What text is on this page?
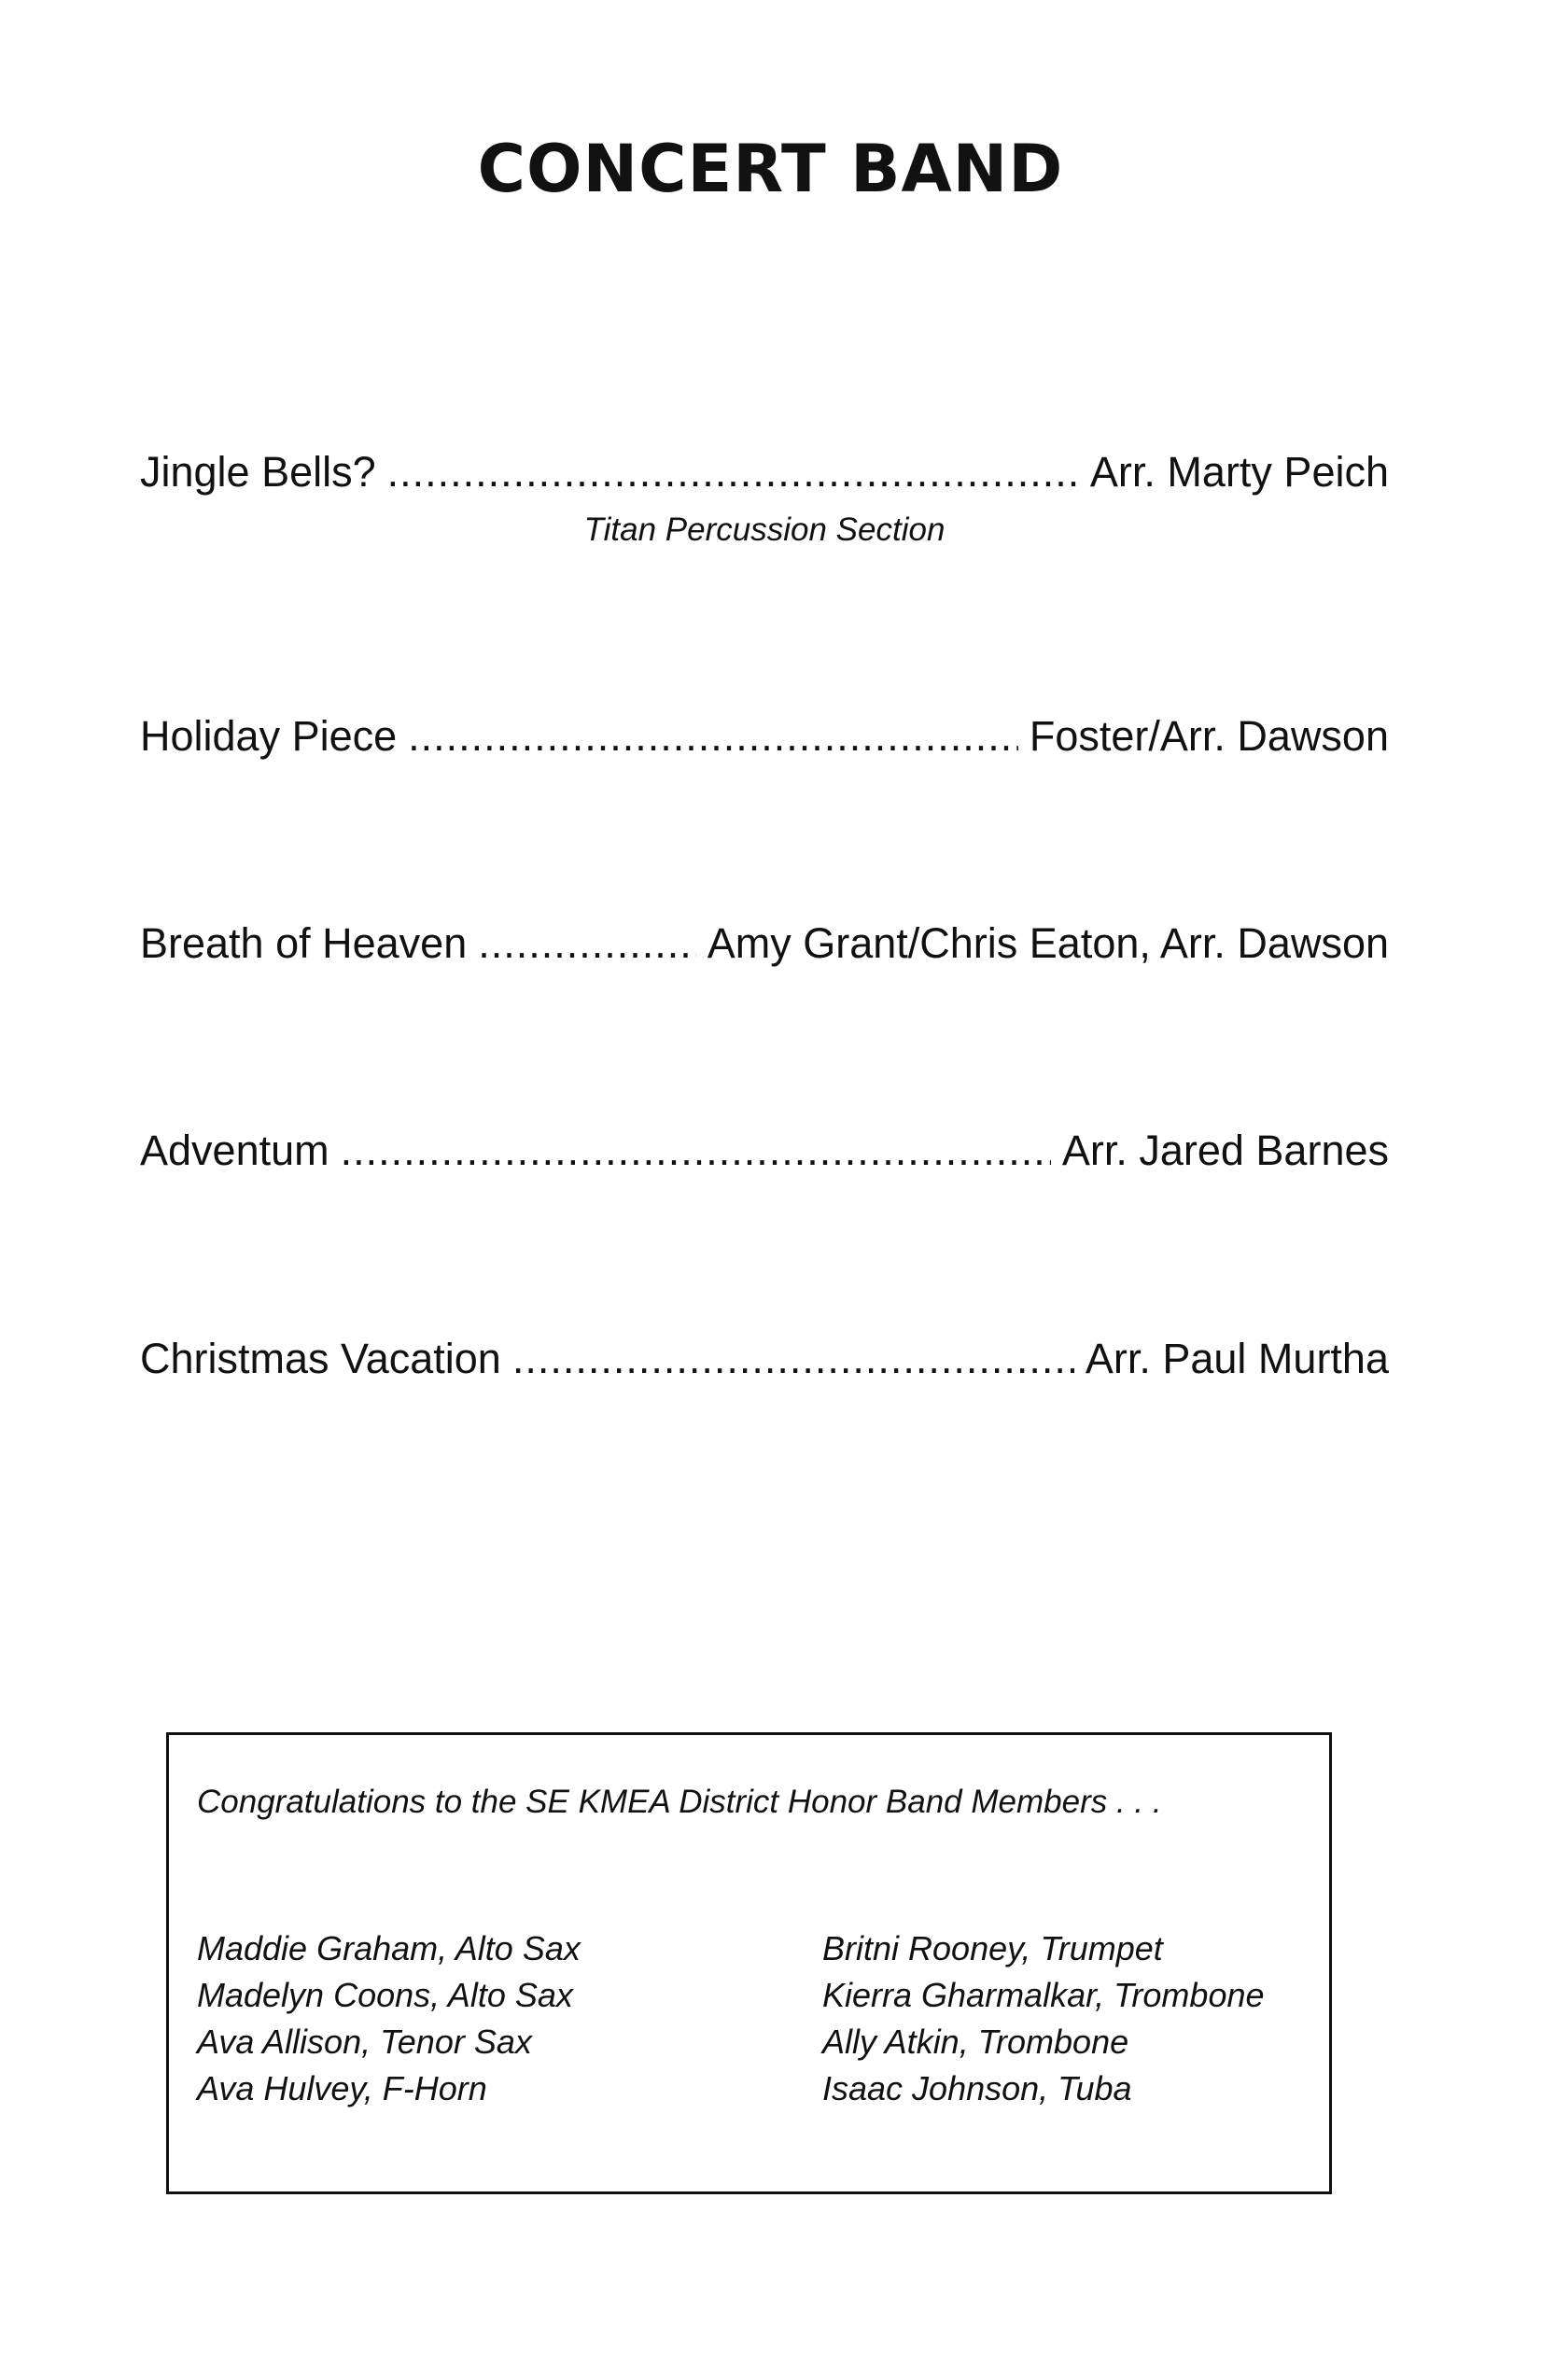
CONCERT BAND
Jingle Bells? .....	Arr. Marty Peich
Titan Percussion Section
Holiday Piece .....	Foster/Arr. Dawson
Breath of Heaven .....	Amy Grant/Chris Eaton, Arr. Dawson
Adventum .....	Arr. Jared Barnes
Christmas Vacation .....	Arr. Paul Murtha
Congratulations to the SE KMEA District Honor Band Members . . .
Maddie Graham, Alto Sax
Madelyn Coons, Alto Sax
Ava Allison, Tenor Sax
Ava Hulvey, F-Horn
Britni Rooney, Trumpet
Kierra Gharmalkar, Trombone
Ally Atkin, Trombone
Isaac Johnson, Tuba
